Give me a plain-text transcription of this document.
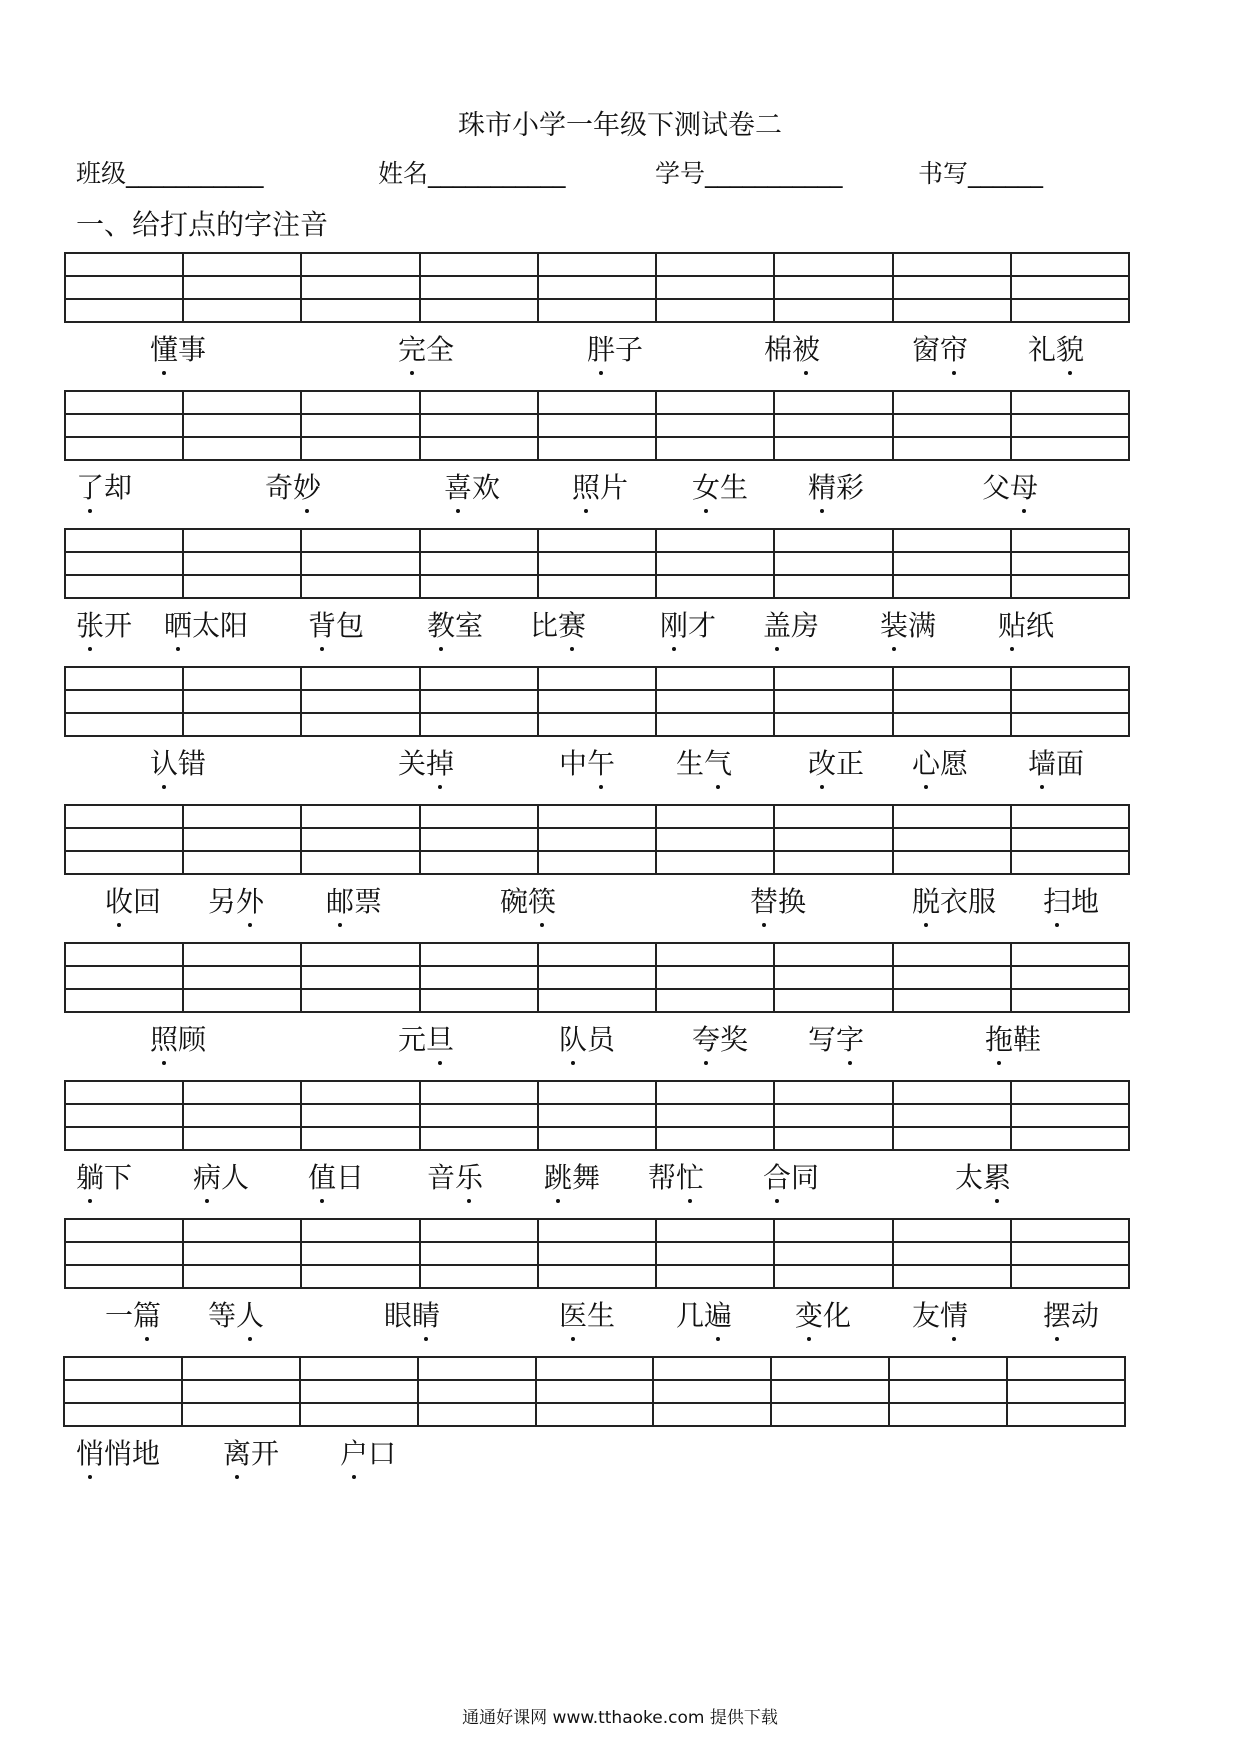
珠市小学一年级下测试卷二
班级___________	姓名___________	学号___________	书写______
一、给打点的字注音

懂事	完全	胖子	棉被	窗帘 礼貌

了却	奇妙	喜欢	照片 女生 精彩	父母

张开 晒太阳 背包 教室 比赛	刚才 盖房 装满 贴纸

认错	关掉	中午 生气	改正 心愿 墙面

收回 另外 邮票	碗筷	替换	脱衣服 扫地

照顾	元旦	队员	夸奖 写字	拖鞋

躺下 病人 值日 音乐 跳舞 帮忙 合同	太累

一篇 等人	眼睛	医生 几遍 变化 友情	摆动

悄悄地 离开 户口
通通好课网 www.tthaoke.com 提供下载
